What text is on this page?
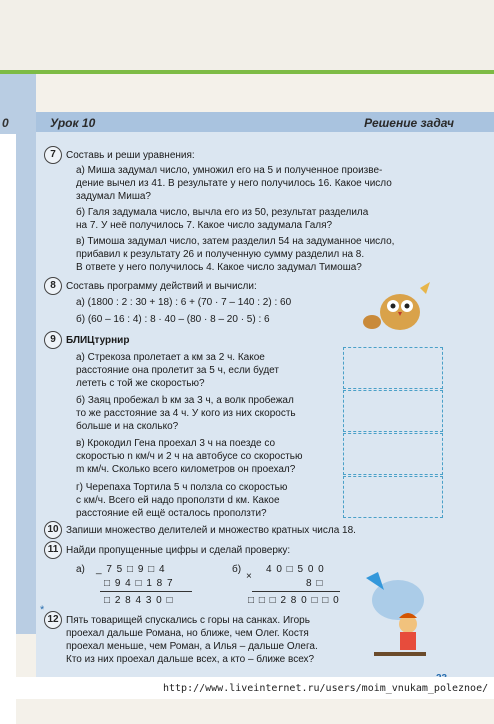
0	Урок 10	Решение задач
7	Составь и реши уравнения:
а) Миша задумал число, умножил его на 5 и полученное произве-
дение вычел из 41. В результате у него получилось 16. Какое число
задумал Миша?
б) Галя задумала число, вычла его из 50, результат разделила
на 7. У неё получилось 7. Какое число задумала Галя?
в) Тимоша задумал число, затем разделил 54 на задуманное число,
прибавил к результату 26 и полученную сумму разделил на 8.
В ответе у него получилось 4. Какое число задумал Тимоша?
8	Составь программу действий и вычисли:
а) (1800 : 2 : 30 + 18) : 6 + (70 · 7 – 140 : 2) : 60
б) (60 – 16 : 4) : 8 · 40 – (80 · 8 – 20 · 5) : 6
9	БЛИЦтурнир
а) Стрекоза пролетает a км за 2 ч. Какое
расстояние она пролетит за 5 ч, если будет
лететь с той же скоростью?
б) Заяц пробежал b км за 3 ч, а волк пробежал
то же расстояние за 4 ч. У кого из них скорость
больше и на сколько?
в) Крокодил Гена проехал 3 ч на поезде со
скоростью n км/ч и 2 ч на автобусе со скоростью
m км/ч. Сколько всего километров он проехал?
г) Черепаха Тортила 5 ч ползла со скоростью
c км/ч. Всего ей надо проползти d км. Какое
расстояние ей ещё осталось проползти?
10 Запиши множество делителей и множество кратных числа 18.
11 Найди пропущенные цифры и сделай проверку:
а) _ 7 5 □ 9 □ 4
□ 9 4 □ 1 8 7
□ 2 8 4 3 0 □
б)
×
4 0 □ 5 0 0
8 □
□ □ □ 2 8 0 □ □ 0
*
12 Пять товарищей спускались с горы на санках. Игорь
проехал дальше Романа, но ближе, чем Олег. Костя
проехал меньше, чем Роман, а Илья – дальше Олега.
Кто из них проехал дальше всех, а кто – ближе всех?
http://www.liveinternet.ru/users/moim_vnukam_poleznoe/
